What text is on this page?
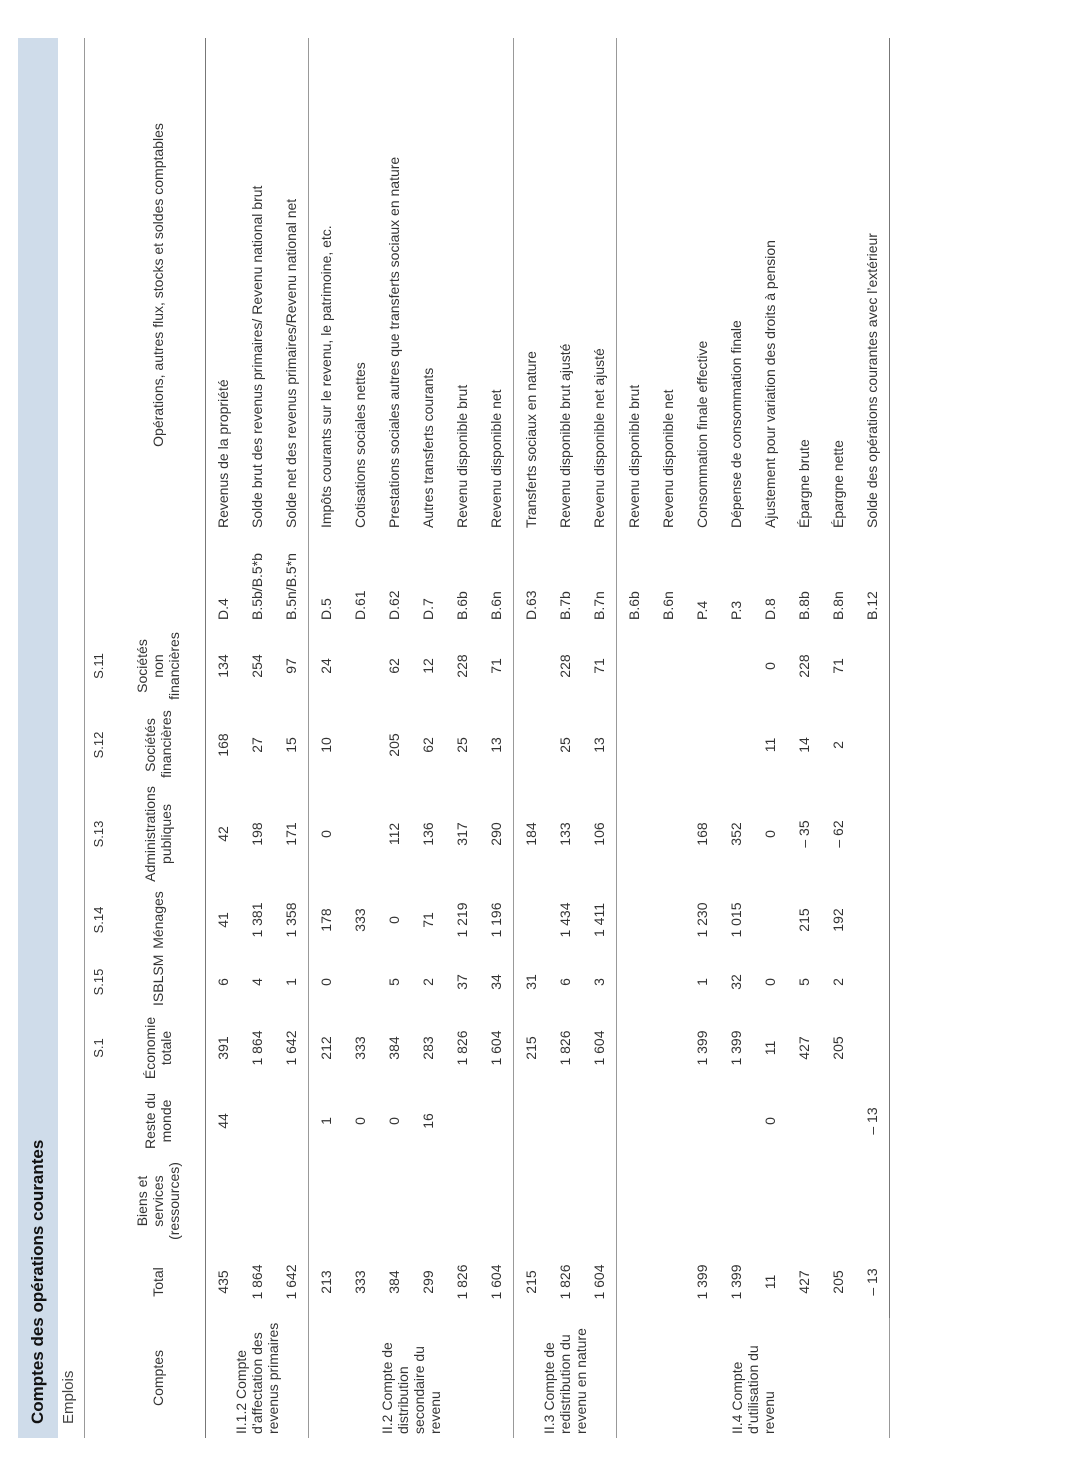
Comptes des opérations courantes Emplois
				S.1	S.15	S.14	S.13	S.12	S.11		
Comptes	Total	Biens et services (ressources)	Reste du monde	Économie totale	ISBLSM	Ménages	Administrations publiques	Sociétés financières	Sociétés non financières		Opérations, autres flux, stocks et soldes comptables
II.1.2 Compte d’affectation des revenus primaires	435		44	391	6	41	42	168	134	D.4	Revenus de la propriété
	1 864			1 864	4	1 381	198	27	254	B.5b/B.5*b	Solde brut des revenus primaires/ Revenu national brut
	1 642			1 642	1	1 358	171	15	97	B.5n/B.5*n	Solde net des revenus primaires/Revenu national net
II.2 Compte de distribution secondaire du revenu	213		1	212	0	178	0	10	24	D.5	Impôts courants sur le revenu, le patrimoine, etc.
	333		0	333		333				D.61	Cotisations sociales nettes
	384		0	384	5	0	112	205	62	D.62	Prestations sociales autres que transferts sociaux en nature
	299		16	283	2	71	136	62	12	D.7	Autres transferts courants
	1 826			1 826	37	1 219	317	25	228	B.6b	Revenu disponible brut
	1 604			1 604	34	1 196	290	13	71	B.6n	Revenu disponible net
II.3 Compte de redistribution du revenu en nature	215			215	31		184			D.63	Transferts sociaux en nature
	1 826			1 826	6	1 434	133	25	228	B.7b	Revenu disponible brut ajusté
	1 604			1 604	3	1 411	106	13	71	B.7n	Revenu disponible net ajusté
II.4 Compte d’utilisation du revenu										B.6b	Revenu disponible brut
										B.6n	Revenu disponible net
	1 399			1 399	1	1 230	168			P.4	Consommation finale effective
	1 399			1 399	32	1 015	352			P.3	Dépense de consommation finale
	11		0	11	0		0	11	0	D.8	Ajustement pour variation des droits à pension
	427			427	5	215	– 35	14	228	B.8b	Épargne brute
	205			205	2	192	– 62	2	71	B.8n	Épargne nette
	– 13		– 13							B.12	Solde des opérations courantes avec l’extérieur
